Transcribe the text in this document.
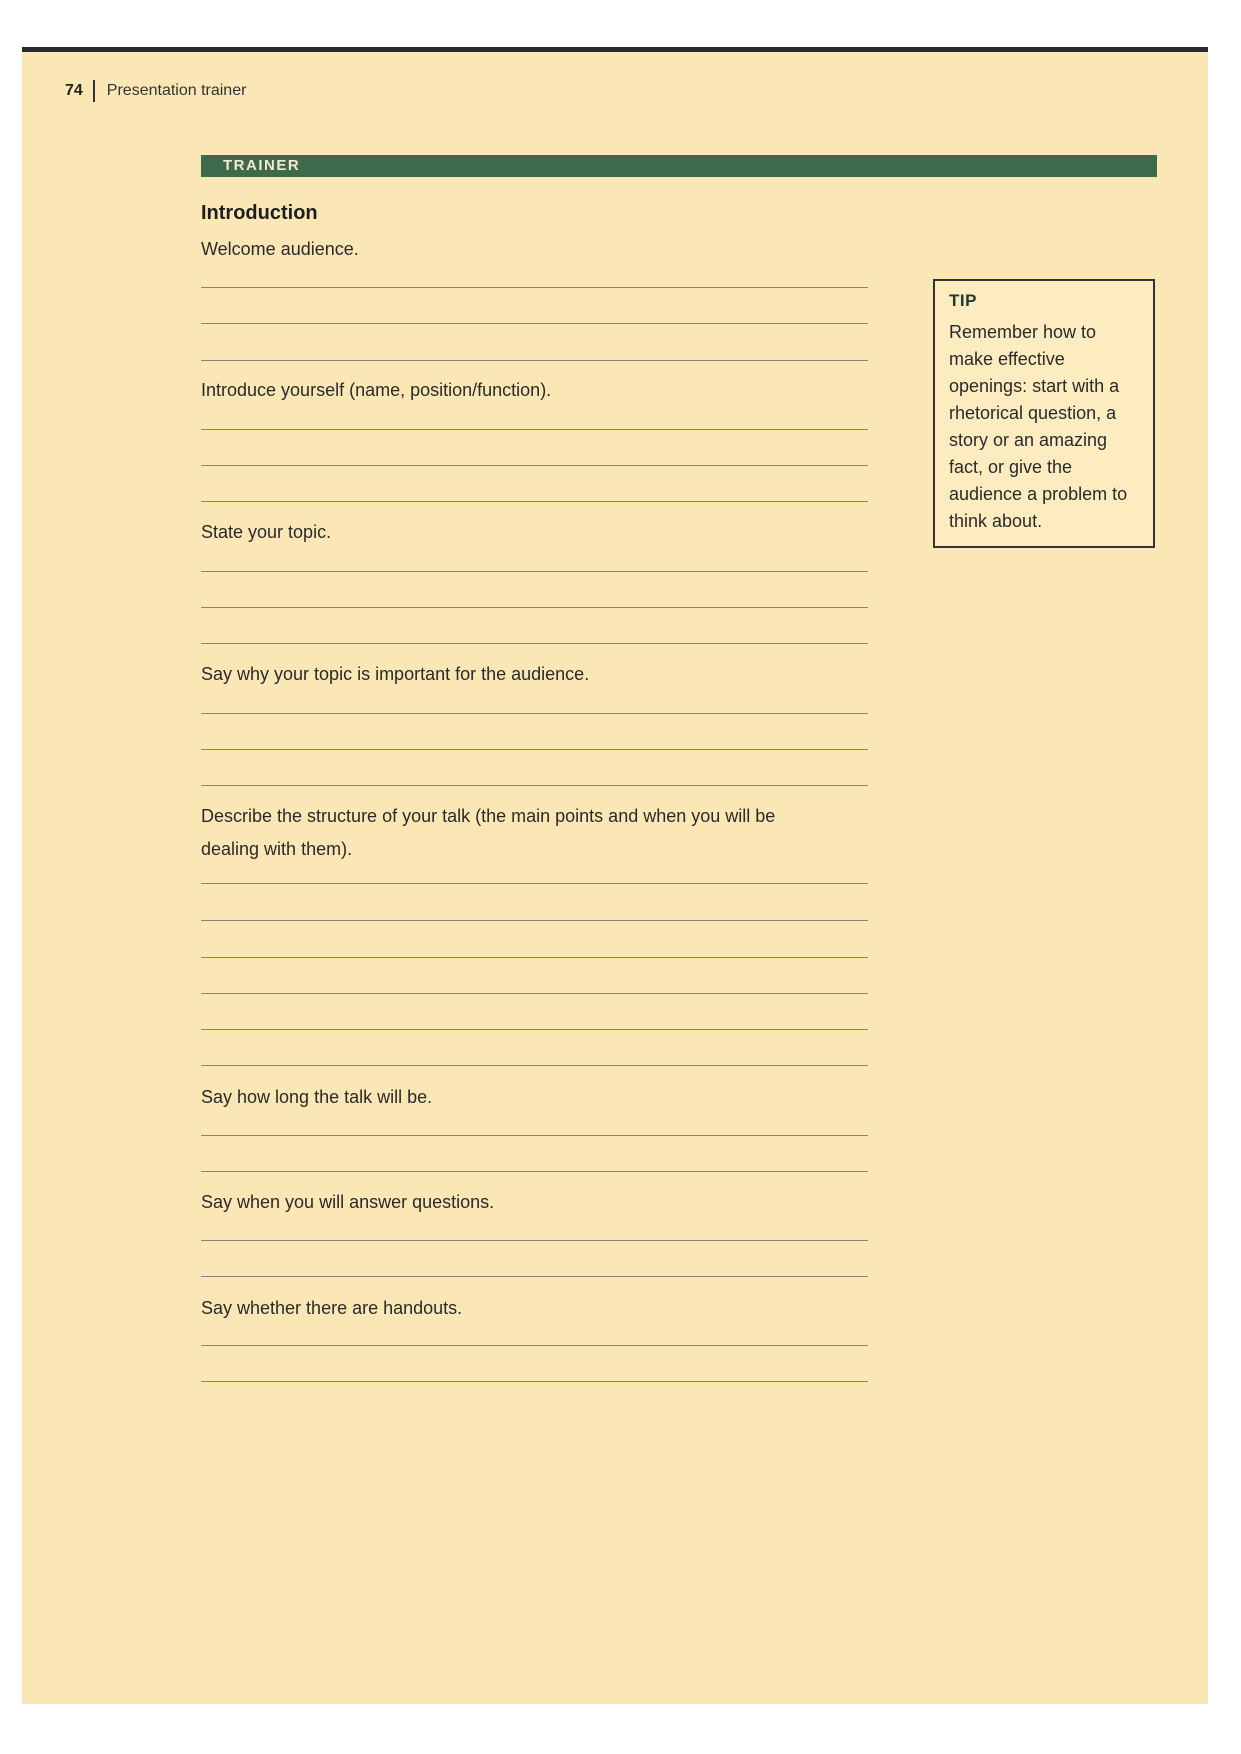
74 Presentation trainer
TRAINER
Introduction
Welcome audience.
Introduce yourself (name, position/function).
State your topic.
Say why your topic is important for the audience.
Describe the structure of your talk (the main points and when you will be dealing with them).
Say how long the talk will be.
Say when you will answer questions.
Say whether there are handouts.
TIP
Remember how to make effective openings: start with a rhetorical question, a story or an amazing fact, or give the audience a problem to think about.
